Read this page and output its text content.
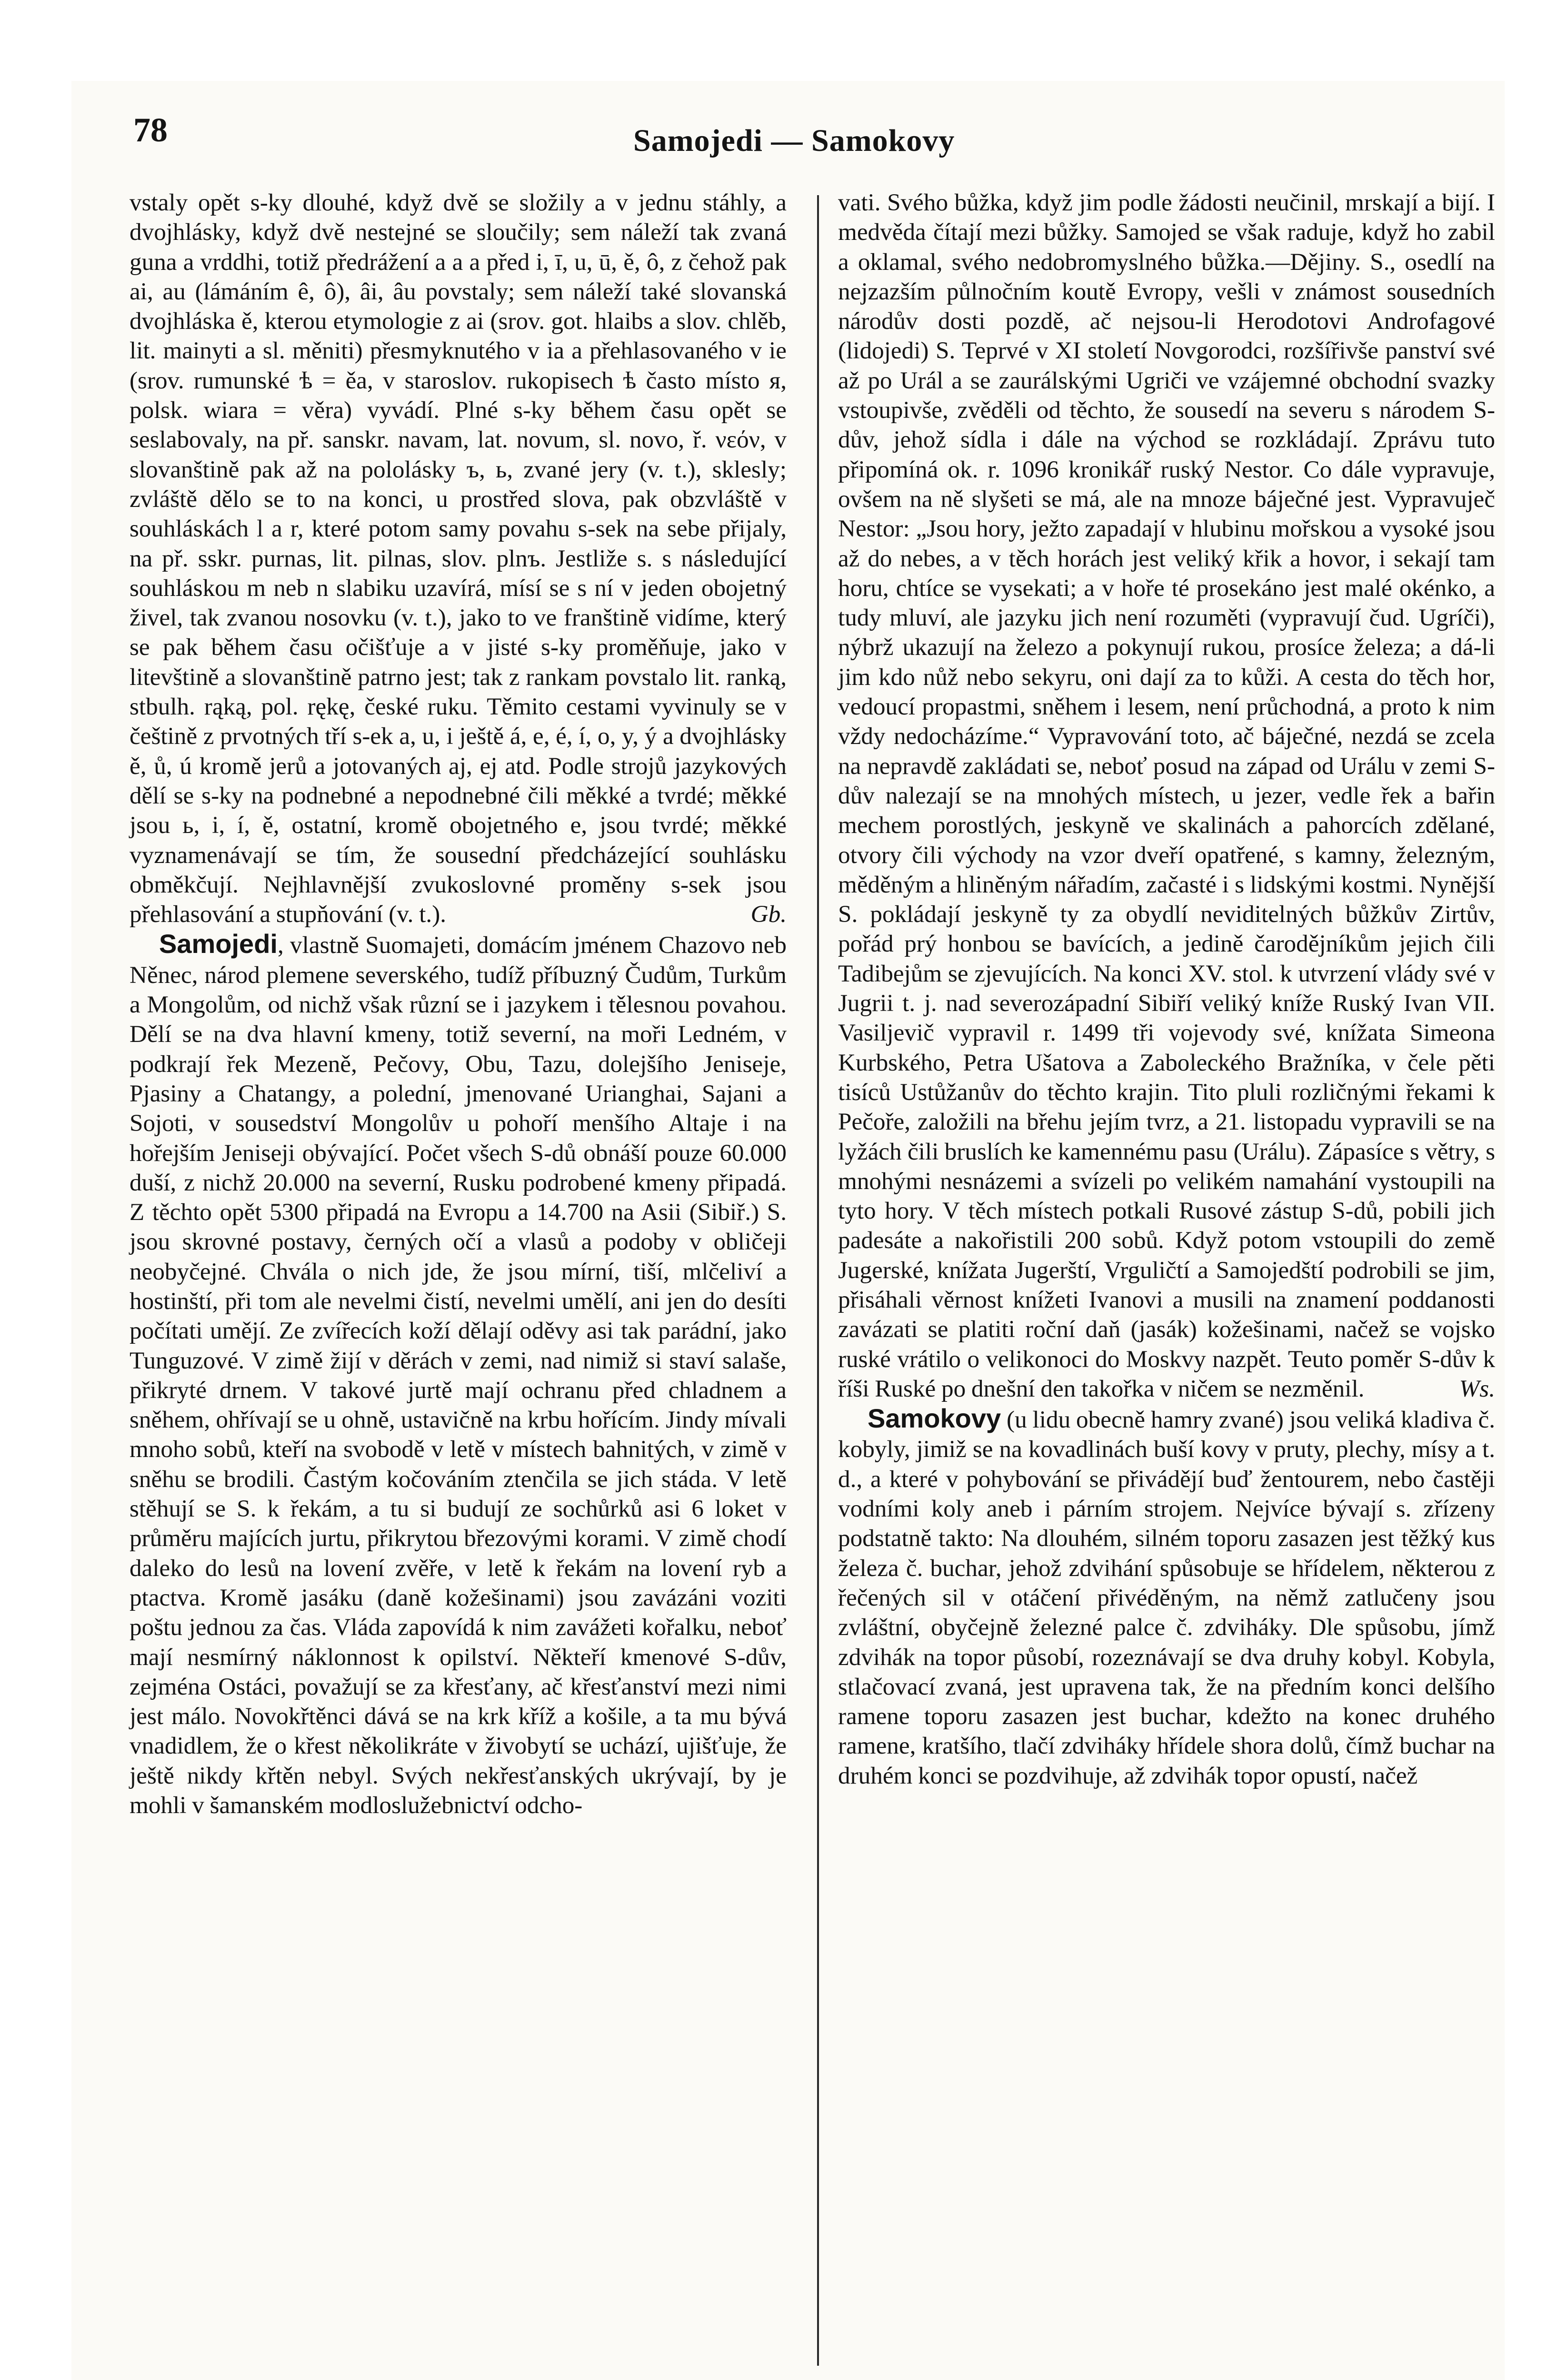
78	Samojedi — Samokovy

vstaly opět s-ky dlouhé, když dvě se složily a v jednu stáhly, a dvojhlásky, když dvě nestejné se sloučily; sem náleží tak zvaná guna a vrddhi, totiž předrážení a a a před i, ī, u, ū, ě, ô, z čehož pak ai, au (lámáním ê, ô), âi, âu povstaly; sem náleží také slovanská dvojhláska ě, kterou etymologie z ai (srov. got. hlaibs a slov. chlěb, lit. mainyti a sl. měniti) přesmyknutého v ia a přehlasovaného v ie (srov. rumunské ѣ = ěa, v staroslov. rukopisech ѣ často místo я, polsk. wiara = věra) vyvádí. Plné s-ky během času opět se seslabovaly, na př. sanskr. navam, lat. novum, sl. novo, ř. νεόν, v slovanštině pak až na pololásky ъ, ь, zvané jery (v. t.), sklesly; zvláště dělo se to na konci, u prostřed slova, pak obzvláště v souhláskách l a r, které potom samy povahu s-sek na sebe přijaly, na př. sskr. purnas, lit. pilnas, slov. plnъ. Jestliže s. s následující souhláskou m neb n slabiku uzavírá, mísí se s ní v jeden obojetný živel, tak zvanou nosovku (v. t.), jako to ve franštině vidíme, který se pak během času očišťuje a v jisté s-ky proměňuje, jako v litevštině a slovanštině patrno jest; tak z rankam povstalo lit. ranką, stbulh. rąką, pol. rękę, české ruku. Těmito cestami vyvinuly se v češtině z prvotných tří s-ek a, u, i ještě á, e, é, í, o, y, ý a dvojhlásky ě, ů, ú kromě jerů a jotovaných aj, ej atd. Podle strojů jazykových dělí se s-ky na podnebné a nepodnebné čili měkké a tvrdé; měkké jsou ь, i, í, ě, ostatní, kromě obojetného e, jsou tvrdé; měkké vyznamenávají se tím, že sousední předcházející souhlásku obměkčují. Nejhlavnější zvukoslovné proměny s-sek jsou přehlasování a stupňování (v. t.).	Gb.

Samojedi, vlastně Suomajeti, domácím jménem Chazovo neb Něnec, národ plemene severského, tudíž příbuzný Čudům, Turkům a Mongolům, od nichž však různí se i jazykem i tělesnou povahou. Dělí se na dva hlavní kmeny, totiž severní, na moři Ledném, v podkrají řek Mezeně, Pečovy, Obu, Tazu, dolejšího Jeniseje, Pjasiny a Chatangy, a polední, jmenované Urianghai, Sajani a Sojoti, v sousedství Mongolův u pohoří menšího Altaje i na hořejším Jeniseji obývající. Počet všech S-dů obnáší pouze 60.000 duší, z nichž 20.000 na severní, Rusku podrobené kmeny připadá. Z těchto opět 5300 připadá na Evropu a 14.700 na Asii (Sibiř.) S. jsou skrovné postavy, černých očí a vlasů a podoby v obličeji neobyčejné. Chvála o nich jde, že jsou mírní, tiší, mlčeliví a hostinští, při tom ale nevelmi čistí, nevelmi umělí, ani jen do desíti počítati umějí. Ze zvířecích koží dělají oděvy asi tak parádní, jako Tunguzové. V zimě žijí v děrách v zemi, nad nimiž si staví salaše, přikryté drnem. V takové jurtě mají ochranu před chladnem a sněhem, ohřívají se u ohně, ustavičně na krbu hořícím. Jindy mívali mnoho sobů, kteří na svobodě v letě v místech bahnitých, v zimě v sněhu se brodili. Častým kočováním ztenčila se jich stáda. V letě stěhují se S. k řekám, a tu si budují ze sochůrků asi 6 loket v průměru majících jurtu, přikrytou březovými korami. V zimě chodí daleko do lesů na lovení zvěře, v letě k řekám na lovení ryb a ptactva. Kromě jasáku (daně kožešinami) jsou zavázáni voziti poštu jednou za čas. Vláda zapovídá k nim zavážeti kořalku, neboť mají nesmírný náklonnost k opilství. Někteří kmenové S-dův, zejména Ostáci, považují se za křesťany, ač křesťanství mezi nimi jest málo. Novokřtěnci dává se na krk kříž a košile, a ta mu bývá vnadidlem, že o křest několikráte v živobytí se uchází, ujišťuje, že ještě nikdy křtěn nebyl. Svých nekřesťanských ukrývají, by je mohli v šamanském modloslužebnictví odcho-

vati. Svého bůžka, když jim podle žádosti neučinil, mrskají a bijí. I medvěda čítají mezi bůžky. Samojed se však raduje, když ho zabil a oklamal, svého nedobromyslného bůžka.—Dějiny. S., osedlí na nejzazším půlnočním koutě Evropy, vešli v známost sousedních národův dosti pozdě, ač nejsou-li Herodotovi Androfagové (lidojedi) S. Teprvé v XI století Novgorodci, rozšířivše panství své až po Urál a se zaurálskými Ugriči ve vzájemné obchodní svazky vstoupivše, zvěděli od těchto, že sousedí na severu s národem S-dův, jehož sídla i dále na východ se rozkládají. Zprávu tuto připomíná ok. r. 1096 kronikář ruský Nestor. Co dále vypravuje, ovšem na ně slyšeti se má, ale na mnoze báječné jest. Vypravuječ Nestor: „Jsou hory, ježto zapadají v hlubinu mořskou a vysoké jsou až do nebes, a v těch horách jest veliký křik a hovor, i sekají tam horu, chtíce se vysekati; a v hoře té prosekáno jest malé okénko, a tudy mluví, ale jazyku jich není rozuměti (vypravují čud. Ugríči), nýbrž ukazují na železo a pokynují rukou, prosíce železa; a dá-li jim kdo nůž nebo sekyru, oni dají za to kůži. A cesta do těch hor, vedoucí propastmi, sněhem i lesem, není průchodná, a proto k nim vždy nedocházíme.“ Vypravování toto, ač báječné, nezdá se zcela na nepravdě zakládati se, neboť posud na západ od Urálu v zemi S-dův nalezají se na mnohých místech, u jezer, vedle řek a bařin mechem porostlých, jeskyně ve skalinách a pahorcích zdělané, otvory čili východy na vzor dveří opatřené, s kamny, železným, měděným a hliněným nářadím, začasté i s lidskými kostmi. Nynější S. pokládají jeskyně ty za obydlí neviditelných bůžkův Zirtův, pořád prý honbou se bavících, a jedině čarodějníkům jejich čili Tadibejům se zjevujících. Na konci XV. stol. k utvrzení vlády své v Jugrii t. j. nad severozápadní Sibiří veliký kníže Ruský Ivan VII. Vasiljevič vypravil r. 1499 tři vojevody své, knížata Simeona Kurbského, Petra Ušatova a Zaboleckého Bražníka, v čele pěti tisíců Ustůžanův do těchto krajin. Tito pluli rozličnými řekami k Pečoře, založili na břehu jejím tvrz, a 21. listopadu vypravili se na lyžách čili bruslích ke kamennému pasu (Urálu). Zápasíce s větry, s mnohými nesnázemi a svízeli po velikém namahání vystoupili na tyto hory. V těch místech potkali Rusové zástup S-dů, pobili jich padesáte a nakořistili 200 sobů. Když potom vstoupili do země Jugerské, knížata Jugerští, Vrguličtí a Samojedští podrobili se jim, přisáhali věrnost knížeti Ivanovi a musili na znamení poddanosti zavázati se platiti roční daň (jasák) kožešinami, načež se vojsko ruské vrátilo o velikonoci do Moskvy nazpět. Teuto poměr S-dův k říši Ruské po dnešní den takořka v ničem se nezměnil.	Ws.

Samokovy (u lidu obecně hamry zvané) jsou veliká kladiva č. kobyly, jimiž se na kovadlinách buší kovy v pruty, plechy, mísy a t. d., a které v pohybování se přivádějí buď žentourem, nebo častěji vodními koly aneb i párním strojem. Nejvíce bývají s. zřízeny podstatně takto: Na dlouhém, silném toporu zasazen jest těžký kus železa č. buchar, jehož zdvihání spůsobuje se hřídelem, některou z řečených sil v otáčení přivéděným, na němž zatlučeny jsou zvláštní, obyčejně železné palce č. zdviháky. Dle spůsobu, jímž zdvihák na topor působí, rozeznávají se dva druhy kobyl. Kobyla, stlačovací zvaná, jest upravena tak, že na předním konci delšího ramene toporu zasazen jest buchar, kdežto na konec druhého ramene, kratšího, tlačí zdviháky hřídele shora dolů, čímž buchar na druhém konci se pozdvihuje, až zdvihák topor opustí, načež
